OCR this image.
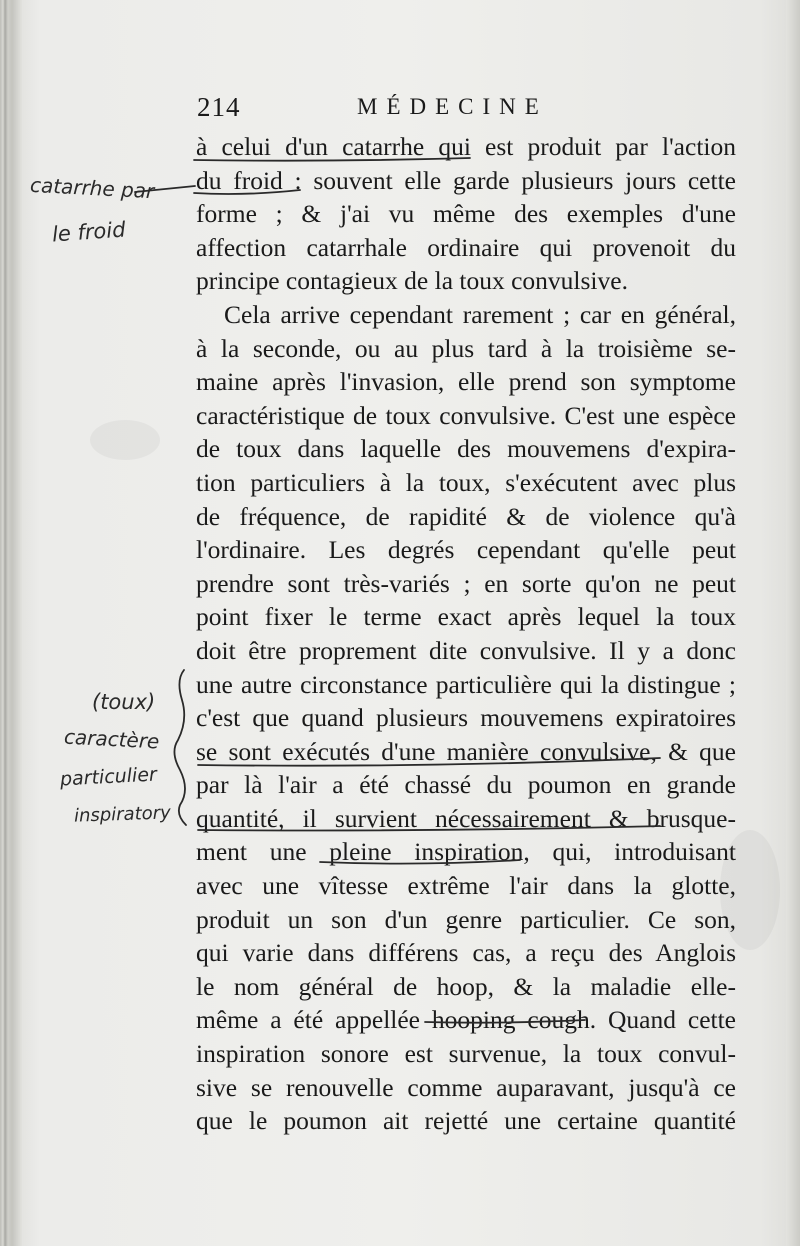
214	MÉDECINE
à celui d'un catarrhe qui est produit par l'action
du froid : souvent elle garde plusieurs jours cette
forme ; & j'ai vu même des exemples d'une
affection catarrhale ordinaire qui provenoit du
principe contagieux de la toux convulsive.
Cela arrive cependant rarement ; car en général,
à la seconde, ou au plus tard à la troisième se-
maine après l'invasion, elle prend son symptome
caractéristique de toux convulsive. C'est une espèce
de toux dans laquelle des mouvemens d'expira-
tion particuliers à la toux, s'exécutent avec plus
de fréquence, de rapidité & de violence qu'à
l'ordinaire. Les degrés cependant qu'elle peut
prendre sont très-variés ; en sorte qu'on ne peut
point fixer le terme exact après lequel la toux
doit être proprement dite convulsive. Il y a donc
une autre circonstance particulière qui la distingue ;
c'est que quand plusieurs mouvemens expiratoires
se sont exécutés d'une manière convulsive, & que
par là l'air a été chassé du poumon en grande
quantité, il survient nécessairement & brusque-
ment une pleine inspiration, qui, introduisant
avec une vîtesse extrême l'air dans la glotte,
produit un son d'un genre particulier. Ce son,
qui varie dans différens cas, a reçu des Anglois
le nom général de hoop, & la maladie elle-
même a été appellée hooping cough. Quand cette
inspiration sonore est survenue, la toux convul-
sive se renouvelle comme auparavant, jusqu'à ce
que le poumon ait rejetté une certaine quantité
catarrhe par
le froid
(toux)
caractère
particulier
inspiratory
